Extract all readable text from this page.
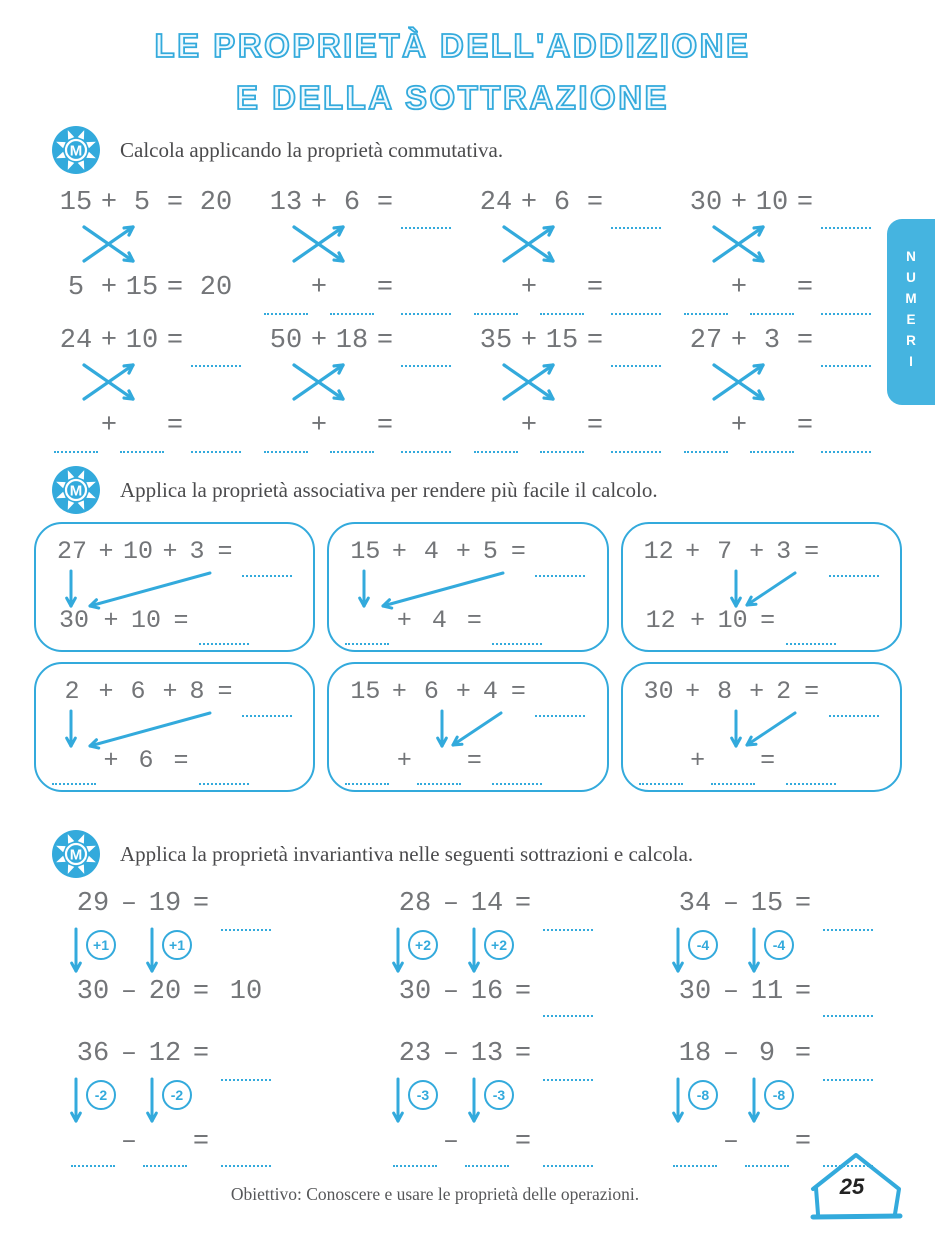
LE PROPRIETÀ DELL'ADDIZIONE
E DELLA SOTTRAZIONE
NUMERI
M Calcola applicando la proprietà commutativa.
15 + 5 = 20
5 + 15 = 20
13 + 6 =
+ =
24 + 6 =
+ =
30 + 10 =
+ =
24 + 10 =
+ =
50 + 18 =
+ =
35 + 15 =
+ =
27 + 3 =
+ =
M Applica la proprietà associativa per rendere più facile il calcolo.
27 + 10 + 3 =
30 + 10 =
15 + 4 + 5 =
+ 4 =
12 + 7 + 3 =
12 + 10 =
2 + 6 + 8 =
+ 6 =
15 + 6 + 4 =
+ =
30 + 8 + 2 =
+ =
M Applica la proprietà invariantiva nelle seguenti sottrazioni e calcola.
29 – 19 =
+1	+1
30 – 20 = 10
28 – 14 =
+2	+2
30 – 16 =
34 – 15 =
-4	-4
30 – 11 =
36 – 12 =
-2	-2
– =
23 – 13 =
-3	-3
– =
18 – 9 =
-8	-8
– =
Obiettivo: Conoscere e usare le proprietà delle operazioni.	25
